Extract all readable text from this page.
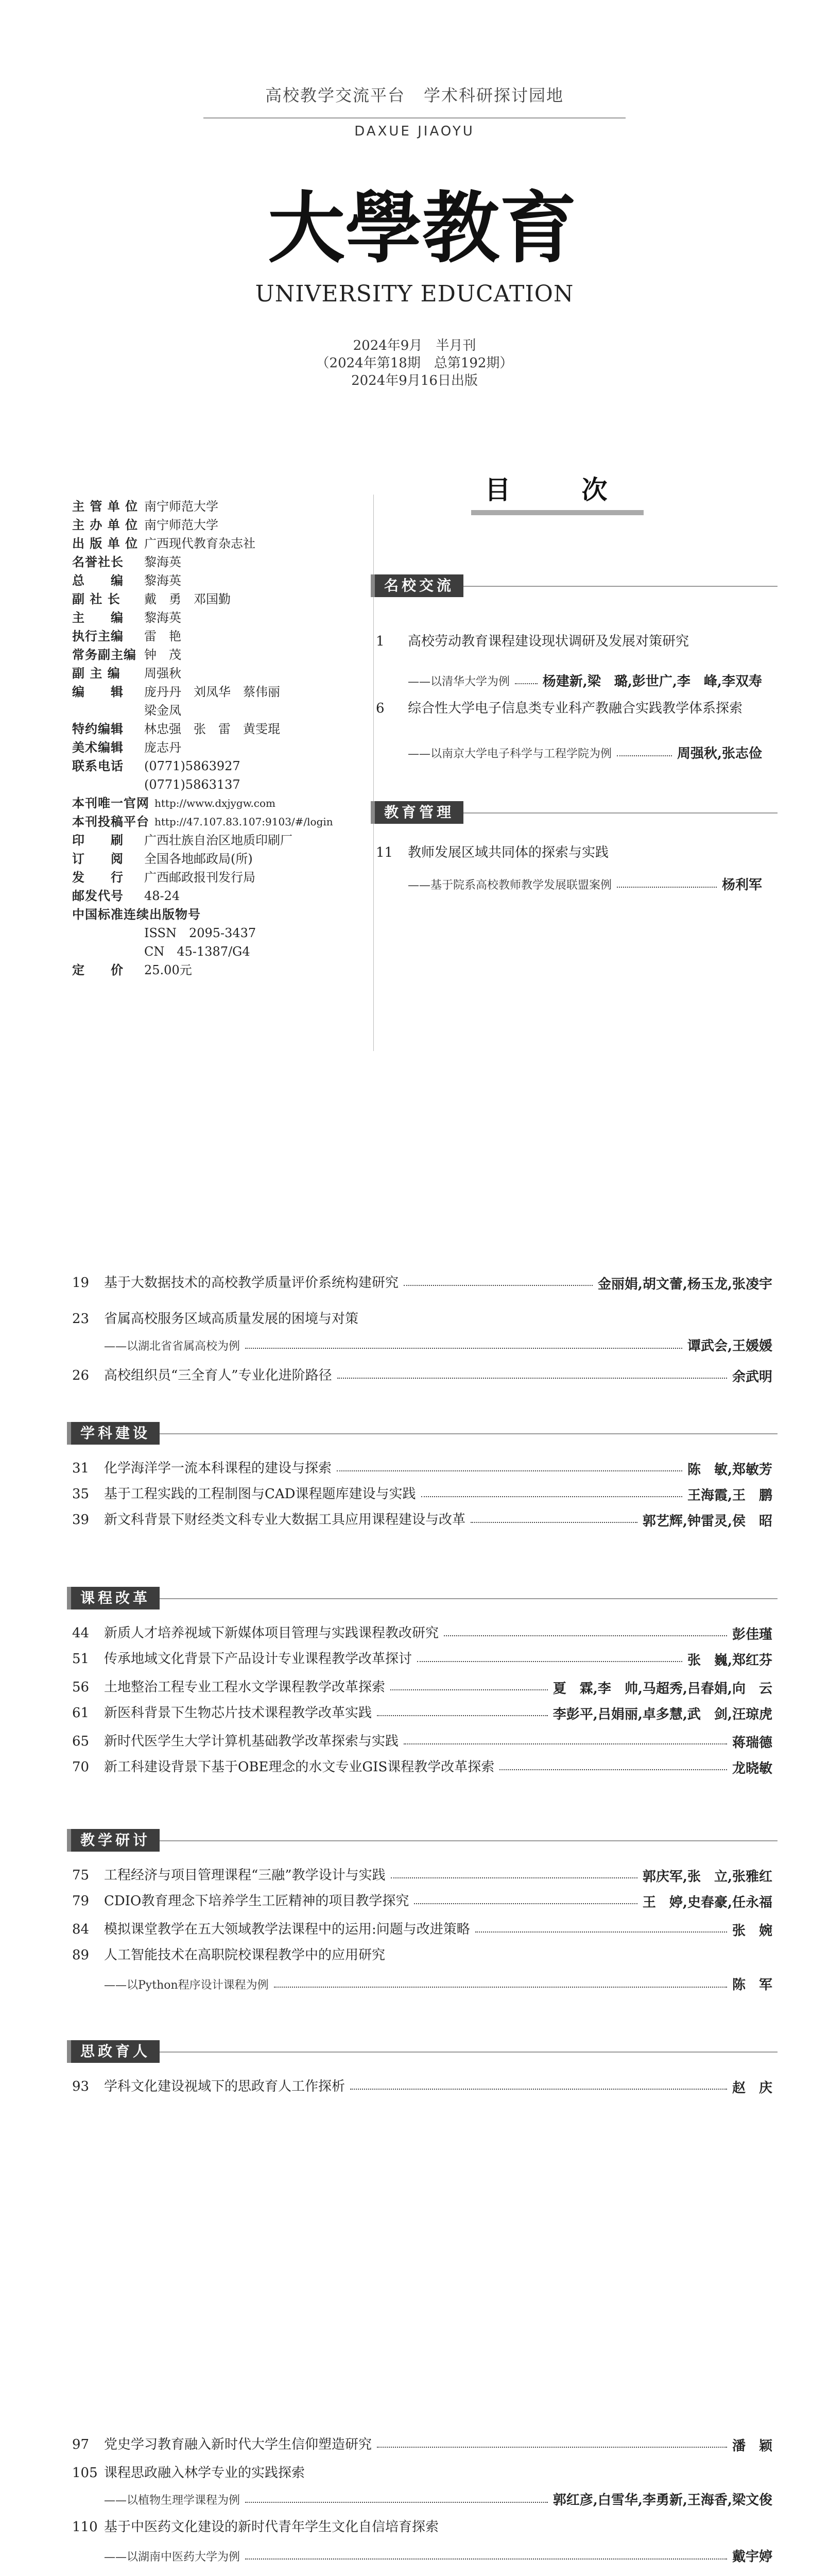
高校教学交流平台 学术科研探讨园地
DAXUE JIAOYU
大學教育
UNIVERSITY EDUCATION
2024年9月　半月刊
（2024年第18期　总第192期）
2024年9月16日出版
主 管 单 位 南宁师范大学
主 办 单 位 南宁师范大学
出 版 单 位 广西现代教育杂志社
名誉社长	黎海英
总　　编	黎海英
副 社 长	戴　勇　邓国勤
主　　编	黎海英
执行主编	雷　艳
常务副主编 钟　茂
副 主 编	周强秋
编　　辑	庞丹丹　刘凤华　蔡伟丽
梁金凤
特约编辑	林忠强　张　雷　黄雯琨
美术编辑	庞志丹
联系电话	(0771)5863927
(0771)5863137
本刊唯一官网 http://www.dxjygw.com
本刊投稿平台 http://47.107.83.107:9103/#/login
印　　刷	广西壮族自治区地质印刷厂
订　　阅	全国各地邮政局(所)
发　　行	广西邮政报刊发行局
邮发代号	48-24
中国标准连续出版物号
ISSN　2095-3437
CN　45-1387/G4
定　　价	25.00元
目　次
名校交流
1 高校劳动教育课程建设现状调研及发展对策研究
——以清华大学为例 杨建新,梁　璐,彭世广,李　峰,李双寿
6 综合性大学电子信息类专业科产教融合实践教学体系探索
——以南京大学电子科学与工程学院为例	周强秋,张志俭
教育管理
11 教师发展区域共同体的探索与实践
——基于院系高校教师教学发展联盟案例	杨利军
19 基于大数据技术的高校教学质量评价系统构建研究	金丽娟,胡文蕾,杨玉龙,张凌宇
23 省属高校服务区域高质量发展的困境与对策
——以湖北省省属高校为例	谭武会,王媛媛
26 高校组织员“三全育人”专业化进阶路径	余武明
学科建设
31 化学海洋学一流本科课程的建设与探索	陈　敏,郑敏芳
35 基于工程实践的工程制图与CAD课程题库建设与实践	王海霞,王　鹏
39 新文科背景下财经类文科专业大数据工具应用课程建设与改革	郭艺辉,钟雷灵,侯　昭
课程改革
44 新质人才培养视域下新媒体项目管理与实践课程教改研究	彭佳瑾
51 传承地域文化背景下产品设计专业课程教学改革探讨	张　巍,郑红芬
56 土地整治工程专业工程水文学课程教学改革探索	夏　霖,李　帅,马超秀,吕春娟,向　云
61 新医科背景下生物芯片技术课程教学改革实践	李彭平,吕娟丽,卓多慧,武　剑,汪琼虎
65 新时代医学生大学计算机基础教学改革探索与实践	蒋瑞德
70 新工科建设背景下基于OBE理念的水文专业GIS课程教学改革探索	龙晓敏
教学研讨
75 工程经济与项目管理课程“三融”教学设计与实践	郭庆军,张　立,张雅红
79 CDIO教育理念下培养学生工匠精神的项目教学探究	王　婷,史春豪,任永福
84 模拟课堂教学在五大领域教学法课程中的运用:问题与改进策略	张　婉
89 人工智能技术在高职院校课程教学中的应用研究
——以Python程序设计课程为例	陈　军
思政育人
93 学科文化建设视域下的思政育人工作探析	赵　庆
97 党史学习教育融入新时代大学生信仰塑造研究	潘　颖
105 课程思政融入林学专业的实践探索
——以植物生理学课程为例	郭红彦,白雪华,李勇新,王海香,梁文俊
110 基于中医药文化建设的新时代青年学生文化自信培育探索
——以湖南中医药大学为例	戴宇婷
